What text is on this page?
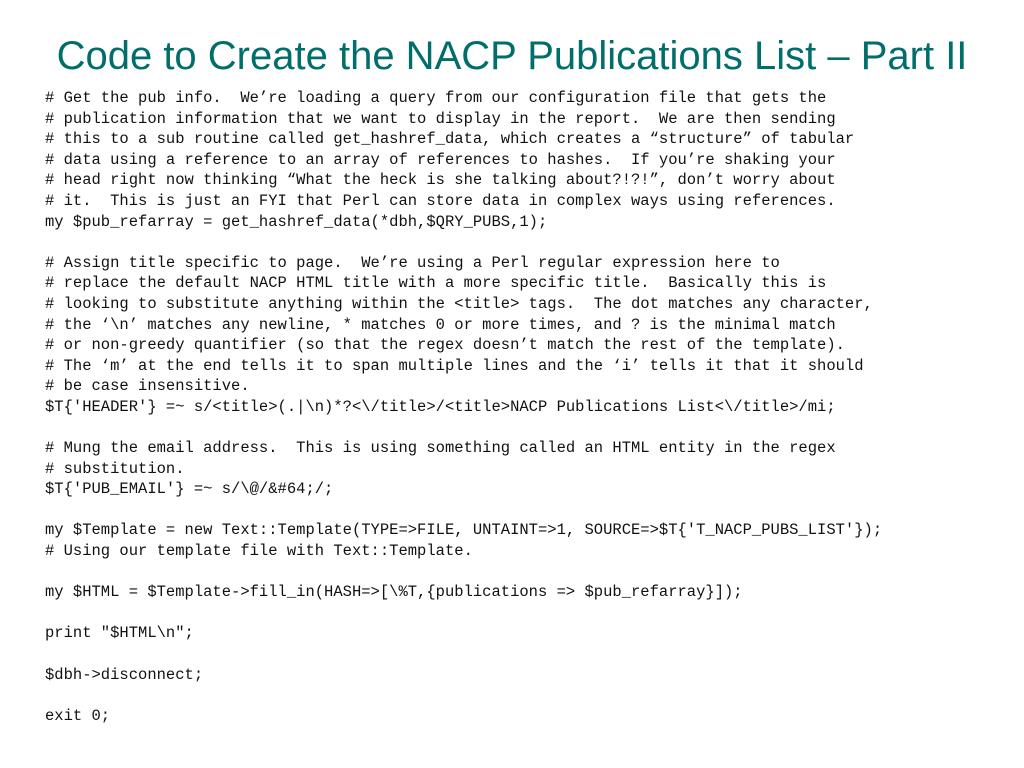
Code to Create the NACP Publications List – Part II
# Get the pub info.  We’re loading a query from our configuration file that gets the
# publication information that we want to display in the report.  We are then sending
# this to a sub routine called get_hashref_data, which creates a “structure” of tabular
# data using a reference to an array of references to hashes.  If you’re shaking your
# head right now thinking “What the heck is she talking about?!?!”, don’t worry about
# it.  This is just an FYI that Perl can store data in complex ways using references.
my $pub_refarray = get_hashref_data(*dbh,$QRY_PUBS,1);
# Assign title specific to page.  We’re using a Perl regular expression here to
# replace the default NACP HTML title with a more specific title.  Basically this is
# looking to substitute anything within the <title> tags.  The dot matches any character,
# the ‘\n’ matches any newline, * matches 0 or more times, and ? is the minimal match
# or non-greedy quantifier (so that the regex doesn’t match the rest of the template).
# The ‘m’ at the end tells it to span multiple lines and the ‘i’ tells it that it should
# be case insensitive.
$T{'HEADER'} =~ s/<title>(.|\n)*?<\/title>/<title>NACP Publications List<\/title>/mi;
# Mung the email address.  This is using something called an HTML entity in the regex
# substitution.
$T{'PUB_EMAIL'} =~ s/\@/&#64;/;
my $Template = new Text::Template(TYPE=>FILE, UNTAINT=>1, SOURCE=>$T{'T_NACP_PUBS_LIST'});
# Using our template file with Text::Template.
my $HTML = $Template->fill_in(HASH=>[\%T,{publications => $pub_refarray}]);
print "$HTML\n";
$dbh->disconnect;
exit 0;
